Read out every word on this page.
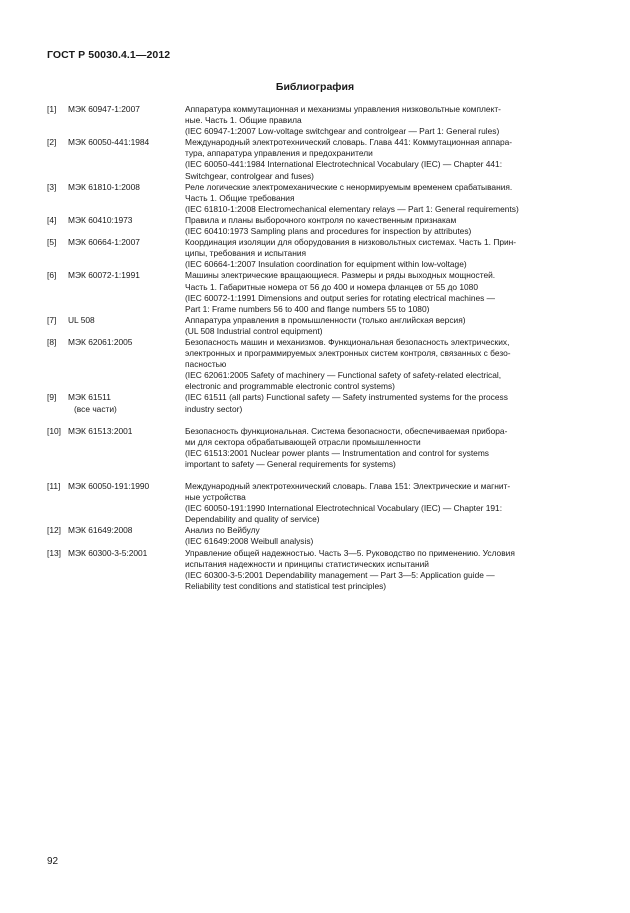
ГОСТ Р 50030.4.1—2012
Библиография
[1]	МЭК 60947-1:2007	Аппаратура коммутационная и механизмы управления низковольтные комплект-
ные. Часть 1. Общие правила
(IEC 60947-1:2007 Low-voltage switchgear and controlgear — Part 1: General rules)
[2]	МЭК 60050-441:1984	Международный электротехнический словарь. Глава 441: Коммутационная аппара-
тура, аппаратура управления и предохранители
(IEC 60050-441:1984 International Electrotechnical Vocabulary (IEC) — Chapter 441:
Switchgear, controlgear and fuses)
[3]	МЭК 61810-1:2008	Реле логические электромеханические с ненормируемым временем срабатывания.
Часть 1. Общие требования
(IEC 61810-1:2008 Electromechanical elementary relays — Part 1: General requirements)
[4]	МЭК 60410:1973	Правила и планы выборочного контроля по качественным признакам
(IEC 60410:1973 Sampling plans and procedures for inspection by attributes)
[5]	МЭК 60664-1:2007	Координация изоляции для оборудования в низковольтных системах. Часть 1. Прин-
ципы, требования и испытания
(IEC 60664-1:2007 Insulation coordination for equipment within low-voltage)
[6]	МЭК 60072-1:1991	Машины электрические вращающиеся. Размеры и ряды выходных мощностей.
Часть 1. Габаритные номера от 56 до 400 и номера фланцев от 55 до 1080
(IEC 60072-1:1991 Dimensions and output series for rotating electrical machines —
Part 1: Frame numbers 56 to 400 and flange numbers 55 to 1080)
[7]	UL 508	Аппаратура управления в промышленности (только английская версия)
(UL 508 Industrial control equipment)
[8]	МЭК 62061:2005	Безопасность машин и механизмов. Функциональная безопасность электрических,
электронных и программируемых электронных систем контроля, связанных с безо-
пасностью
(IEC 62061:2005 Safety of machinery — Functional safety of safety-related electrical,
electronic and programmable electronic control systems)
[9]	МЭК 61511
(все части)
(IEC 61511 (all parts) Functional safety — Safety instrumented systems for the process
industry sector)
[10] МЭК 61513:2001	Безопасность функциональная. Система безопасности, обеспечиваемая прибора-
ми для сектора обрабатывающей отрасли промышленности
(IEC 61513:2001 Nuclear power plants — Instrumentation and control for systems
important to safety — General requirements for systems)
[11] МЭК 60050-191:1990	Международный электротехнический словарь. Глава 151: Электрические и магнит-
ные устройства
(IEC 60050-191:1990 International Electrotechnical Vocabulary (IEC) — Chapter 191:
Dependability and quality of service)
[12] МЭК 61649:2008	Анализ по Вейбулу
(IEC 61649:2008 Weibull analysis)
[13] МЭК 60300-3-5:2001	Управление общей надежностью. Часть 3—5. Руководство по применению. Условия
испытания надежности и принципы статистических испытаний
(IEC 60300-3-5:2001 Dependability management — Part 3—5: Application guide —
Reliability test conditions and statistical test principles)
92
